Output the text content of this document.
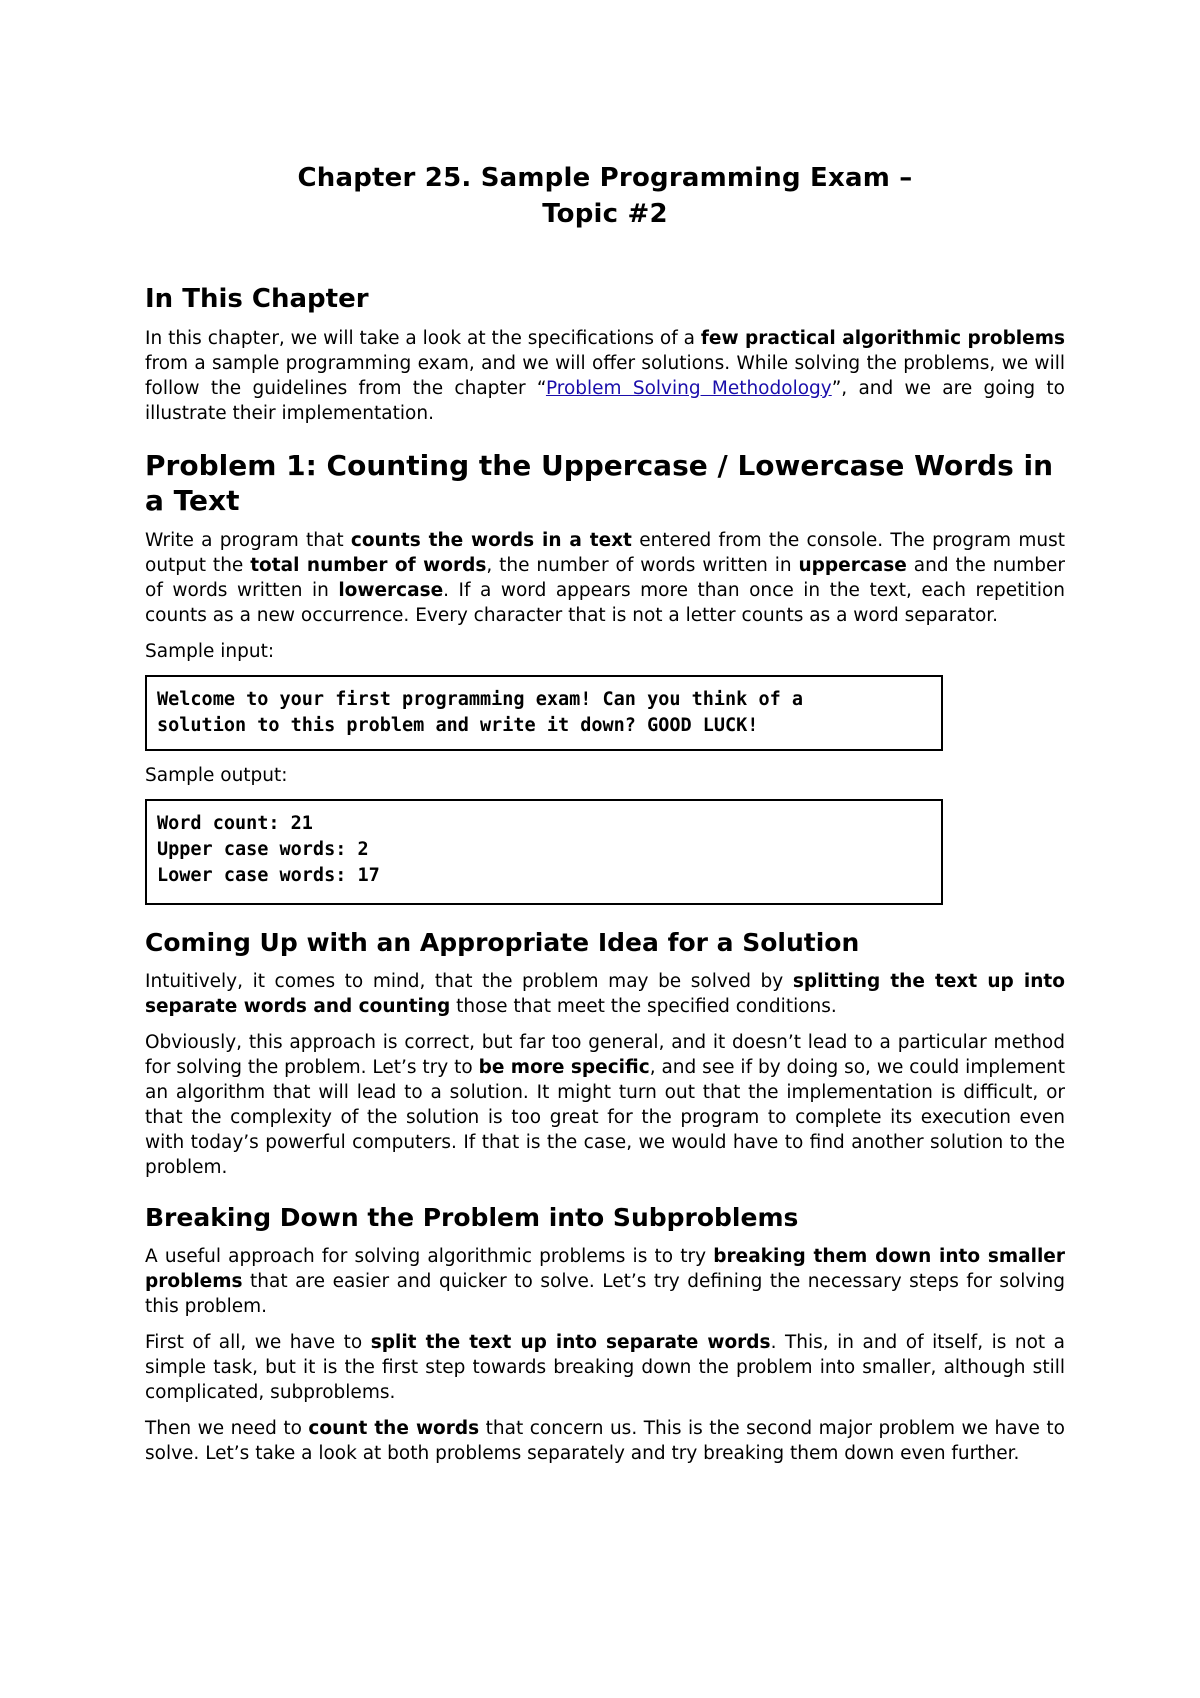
Chapter 25. Sample Programming Exam –
Topic #2
In This Chapter

In this chapter, we will take a look at the specifications of a few practical algorithmic problems from a sample programming exam, and we will offer solutions. While solving the problems, we will follow the guidelines from the chapter “Problem Solving Methodology”, and we are going to illustrate their implementation.

Problem 1: Counting the Uppercase / Lowercase Words in a Text

Write a program that counts the words in a text entered from the console. The program must output the total number of words, the number of words written in uppercase and the number of words written in lowercase. If a word appears more than once in the text, each repetition counts as a new occurrence. Every character that is not a letter counts as a word separator.

Sample input:

Welcome to your first programming exam! Can you think of a
solution to this problem and write it down? GOOD LUCK!

Sample output:

Word count: 21
Upper case words: 2
Lower case words: 17
Coming Up with an Appropriate Idea for a Solution

Intuitively, it comes to mind, that the problem may be solved by splitting the text up into separate words and counting those that meet the specified conditions.

Obviously, this approach is correct, but far too general, and it doesn’t lead to a particular method for solving the problem. Let’s try to be more specific, and see if by doing so, we could implement an algorithm that will lead to a solution. It might turn out that the implementation is difficult, or that the complexity of the solution is too great for the program to complete its execution even with today’s powerful computers. If that is the case, we would have to find another solution to the problem.

Breaking Down the Problem into Subproblems

A useful approach for solving algorithmic problems is to try breaking them down into smaller problems that are easier and quicker to solve. Let’s try defining the necessary steps for solving this problem.

First of all, we have to split the text up into separate words. This, in and of itself, is not a simple task, but it is the first step towards breaking down the problem into smaller, although still complicated, subproblems.

Then we need to count the words that concern us. This is the second major problem we have to solve. Let’s take a look at both problems separately and try breaking them down even further.
